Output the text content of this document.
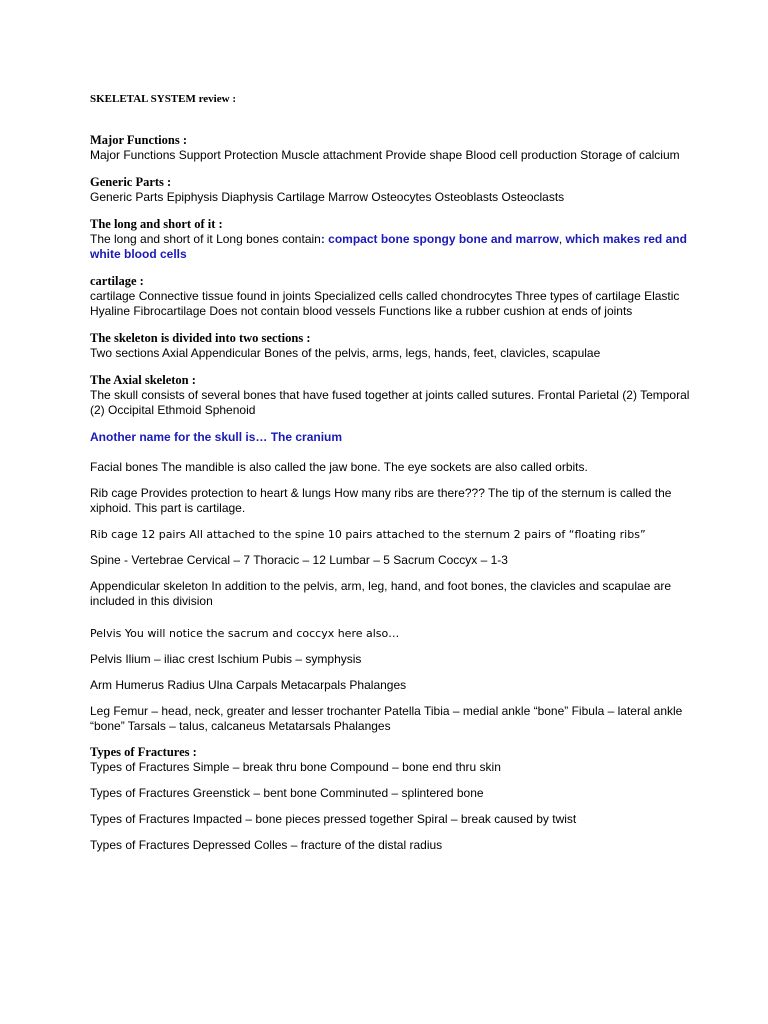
SKELETAL SYSTEM review :

Major Functions :

Major Functions Support Protection Muscle attachment Provide shape Blood cell production Storage of calcium

Generic Parts :

Generic Parts Epiphysis Diaphysis Cartilage Marrow Osteocytes Osteoblasts Osteoclasts

The long and short of it :

The long and short of it Long bones contain: compact bone spongy bone and marrow, which makes red and white blood cells

cartilage :

cartilage Connective tissue found in joints Specialized cells called chondrocytes Three types of cartilage Elastic Hyaline Fibrocartilage Does not contain blood vessels Functions like a rubber cushion at ends of joints

The skeleton is divided into two sections :

Two sections Axial Appendicular Bones of the pelvis, arms, legs, hands, feet, clavicles, scapulae

The Axial skeleton :

The skull consists of several bones that have fused together at joints called sutures. Frontal Parietal (2) Temporal (2) Occipital Ethmoid Sphenoid

Another name for the skull is… The cranium

Facial bones The mandible is also called the jaw bone. The eye sockets are also called orbits.

Rib cage Provides protection to heart & lungs How many ribs are there??? The tip of the sternum is called the xiphoid. This part is cartilage.

Rib cage 12 pairs All attached to the spine 10 pairs attached to the sternum 2 pairs of “floating ribs”

Spine - Vertebrae Cervical – 7 Thoracic – 12 Lumbar – 5 Sacrum Coccyx – 1-3

Appendicular skeleton In addition to the pelvis, arm, leg, hand, and foot bones, the clavicles and scapulae are included in this division

Pelvis You will notice the sacrum and coccyx here also…

Pelvis Ilium – iliac crest Ischium Pubis – symphysis

Arm Humerus Radius Ulna Carpals Metacarpals Phalanges

Leg Femur – head, neck, greater and lesser trochanter Patella Tibia – medial ankle “bone” Fibula – lateral ankle “bone” Tarsals – talus, calcaneus Metatarsals Phalanges

Types of Fractures :

Types of Fractures Simple – break thru bone Compound – bone end thru skin

Types of Fractures Greenstick – bent bone Comminuted – splintered bone

Types of Fractures Impacted – bone pieces pressed together Spiral – break caused by twist

Types of Fractures Depressed Colles – fracture of the distal radius
